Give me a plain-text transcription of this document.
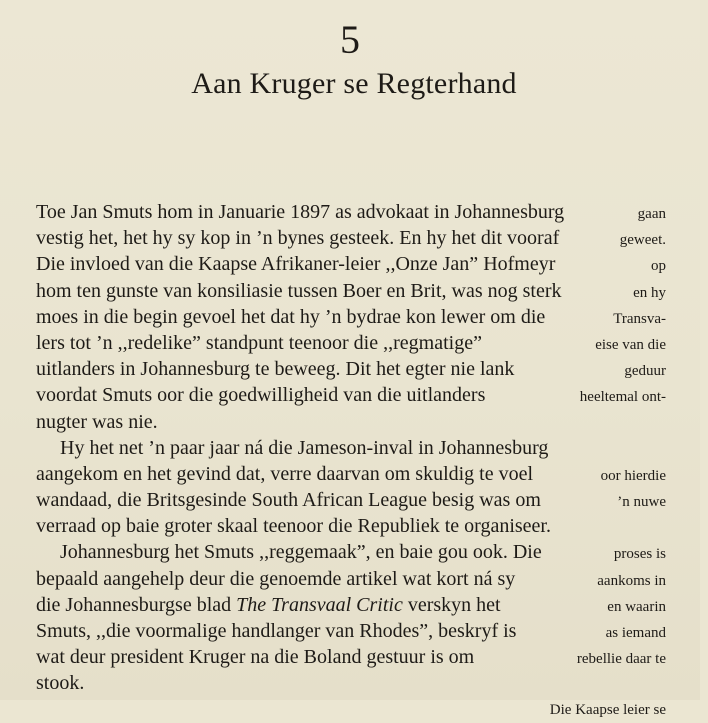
5
Aan Kruger se Regterhand
Toe Jan Smuts hom in Januarie 1897 as advokaat in Johannesburg	gaan
vestig het, het hy sy kop in ’n bynes gesteek. En hy het dit vooraf	geweet.
Die invloed van die Kaapse Afrikaner-leier ,,Onze Jan” Hofmeyr	op
hom ten gunste van konsiliasie tussen Boer en Brit, was nog sterk	en hy
moes in die begin gevoel het dat hy ’n bydrae kon lewer om die	Transva-
lers tot ’n ,,redelike” standpunt teenoor die ,,regmatige”	eise van die
uitlanders in Johannesburg te beweeg. Dit het egter nie lank	geduur
voordat Smuts oor die goedwilligheid van die uitlanders	heeltemal ont-
nugter was nie.
Hy het net ’n paar jaar ná die Jameson-inval in Johannesburg
aangekom en het gevind dat, verre daarvan om skuldig te voel	oor hierdie
wandaad, die Britsgesinde South African League besig was om	’n nuwe
verraad op baie groter skaal teenoor die Republiek te organiseer.
Johannesburg het Smuts ,,reggemaak”, en baie gou ook. Die	proses is
bepaald aangehelp deur die genoemde artikel wat kort ná sy	aankoms in
die Johannesburgse blad The Transvaal Critic verskyn het	en waarin
Smuts, ,,die voormalige handlanger van Rhodes”, beskryf is	as iemand
wat deur president Kruger na die Boland gestuur is om	rebellie daar te
stook.
Die Kaapse leier se
